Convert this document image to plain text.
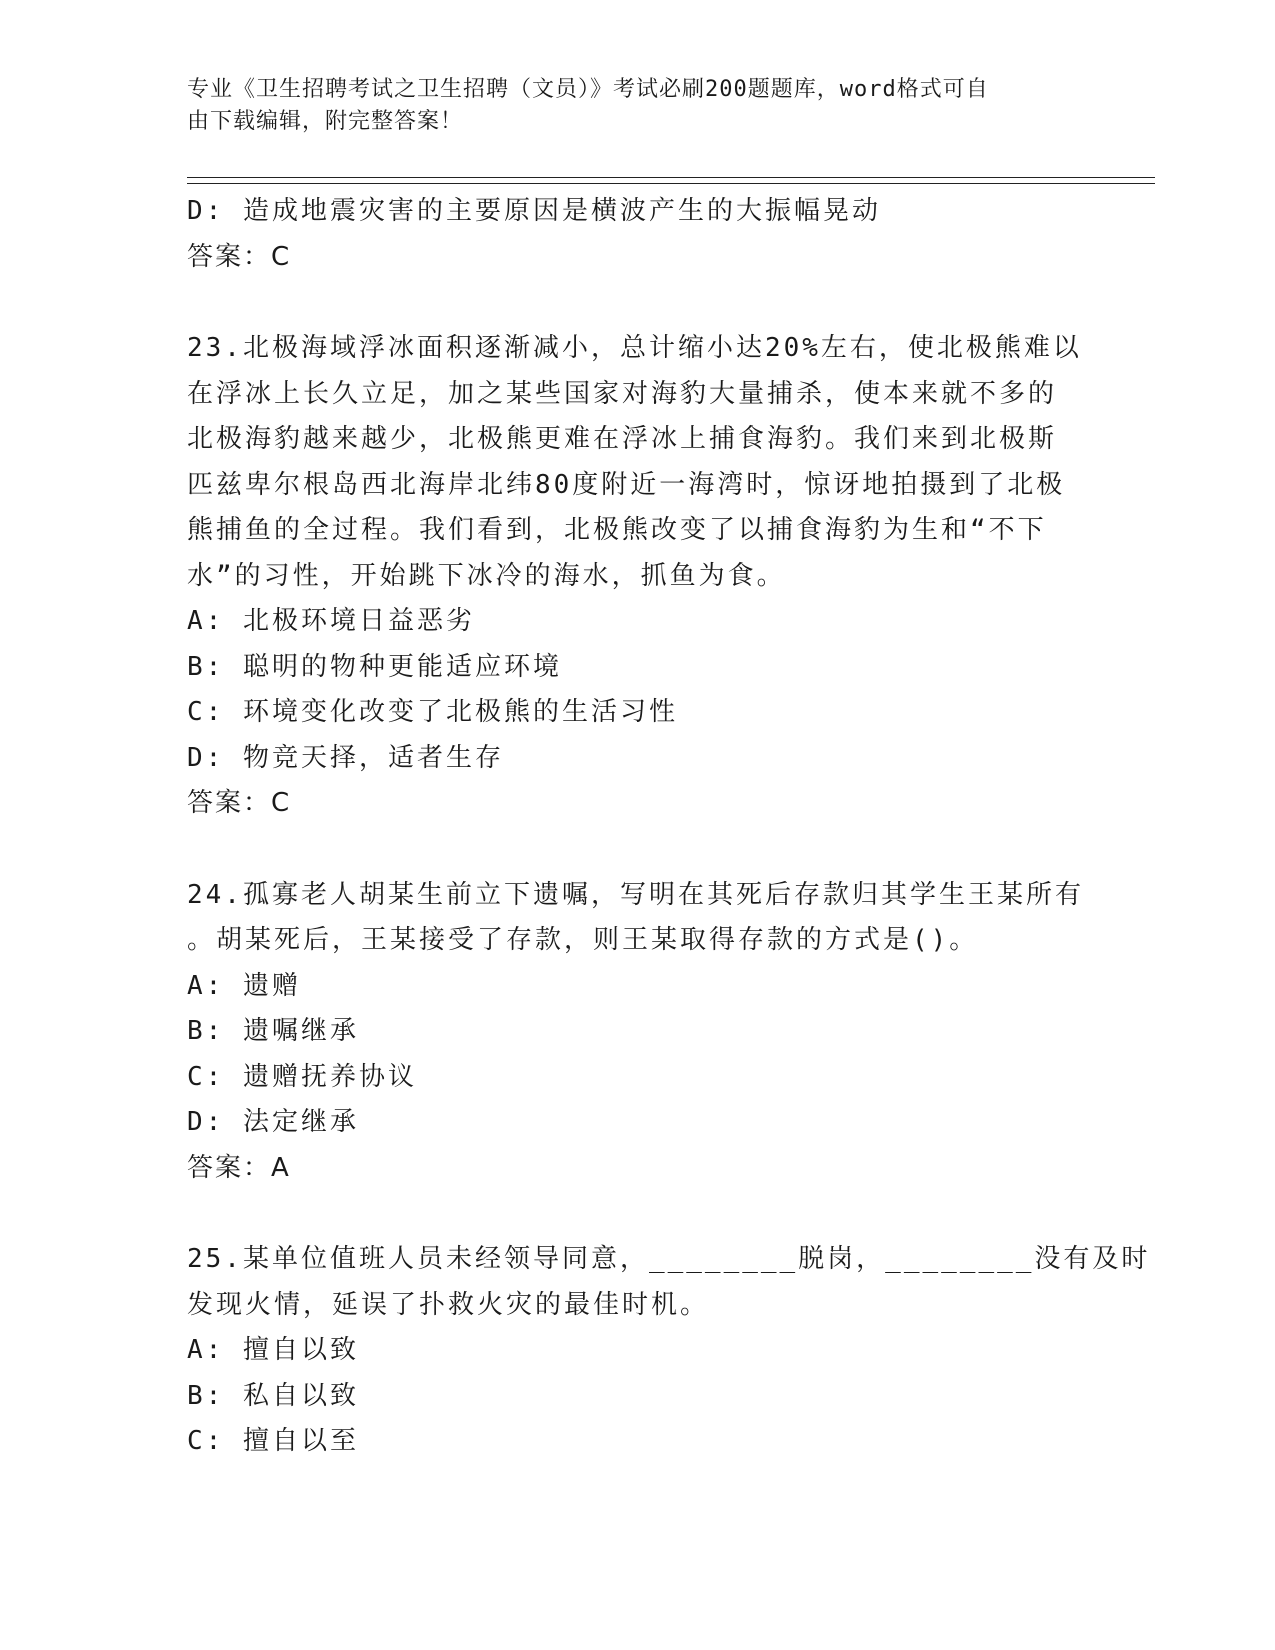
专业《卫生招聘考试之卫生招聘（文员）》考试必刷200题题库，word格式可自
由下载编辑，附完整答案！
D: 造成地震灾害的主要原因是横波产生的大振幅晃动
答案：C
23.北极海域浮冰面积逐渐减小，总计缩小达20%左右，使北极熊难以
在浮冰上长久立足，加之某些国家对海豹大量捕杀，使本来就不多的
北极海豹越来越少，北极熊更难在浮冰上捕食海豹。我们来到北极斯
匹兹卑尔根岛西北海岸北纬80度附近一海湾时，惊讶地拍摄到了北极
熊捕鱼的全过程。我们看到，北极熊改变了以捕食海豹为生和“不下
水”的习性，开始跳下冰冷的海水，抓鱼为食。
A: 北极环境日益恶劣
B: 聪明的物种更能适应环境
C: 环境变化改变了北极熊的生活习性
D: 物竞天择，适者生存
答案：C
24.孤寡老人胡某生前立下遗嘱，写明在其死后存款归其学生王某所有
。胡某死后，王某接受了存款，则王某取得存款的方式是()。
A: 遗赠
B: 遗嘱继承
C: 遗赠抚养协议
D: 法定继承
答案：A
25.某单位值班人员未经领导同意，________脱岗，________没有及时
发现火情，延误了扑救火灾的最佳时机。
A: 擅自以致
B: 私自以致
C: 擅自以至
